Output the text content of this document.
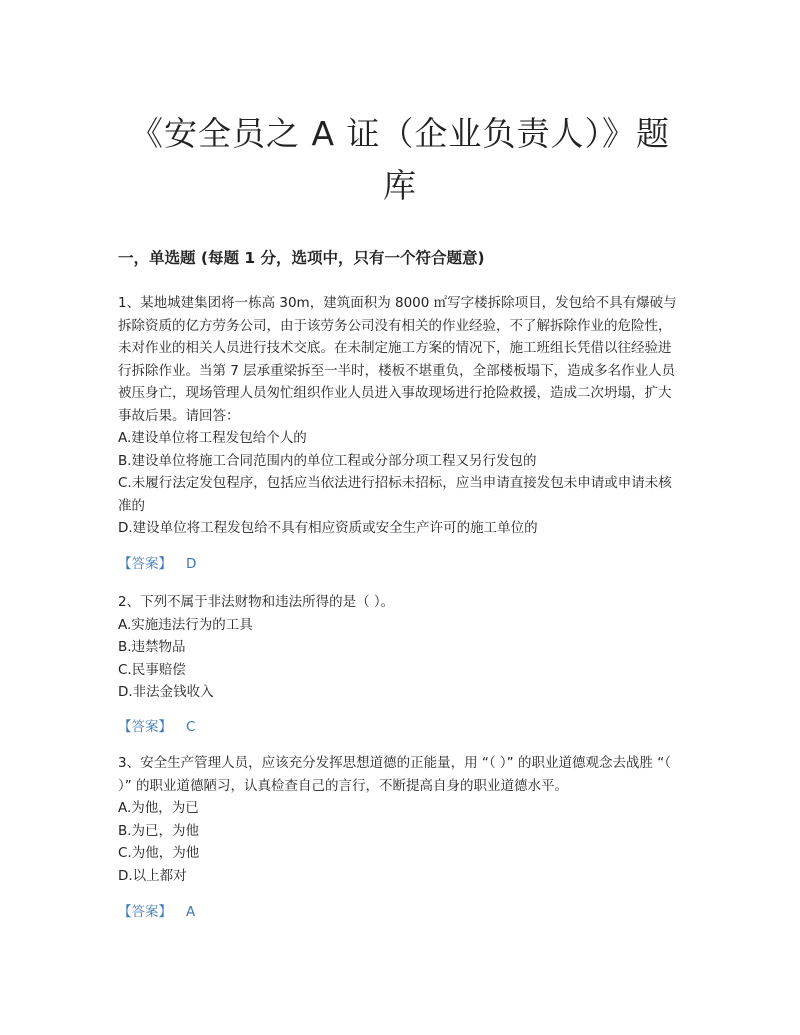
《安全员之 A 证（企业负责人）》题
库
一，单选题 (每题 1 分，选项中，只有一个符合题意)

1、某地城建集团将一栋高 30m，建筑面积为 8000 ㎡写字楼拆除项目，发包给不具有爆破与拆除资质的亿方劳务公司，由于该劳务公司没有相关的作业经验，不了解拆除作业的危险性，未对作业的相关人员进行技术交底。在未制定施工方案的情况下，施工班组长凭借以往经验进行拆除作业。当第 7 层承重梁拆至一半时，楼板不堪重负，全部楼板塌下，造成多名作业人员被压身亡，现场管理人员匆忙组织作业人员进入事故现场进行抢险救援，造成二次坍塌，扩大事故后果。请回答：

A.建设单位将工程发包给个人的

B.建设单位将施工合同范围内的单位工程或分部分项工程又另行发包的

C.未履行法定发包程序，包括应当依法进行招标未招标，应当申请直接发包未申请或申请未核准的

D.建设单位将工程发包给不具有相应资质或安全生产许可的施工单位的

【答案】 D

2、下列不属于非法财物和违法所得的是（ ）。

A.实施违法行为的工具

B.违禁物品

C.民事赔偿

D.非法金钱收入

【答案】 C

3、安全生产管理人员，应该充分发挥思想道德的正能量，用 “（ ）” 的职业道德观念去战胜 “（ ）” 的职业道德陋习，认真检查自己的言行，不断提高自身的职业道德水平。

A.为他，为已

B.为已，为他

C.为他，为他

D.以上都对

【答案】 A
